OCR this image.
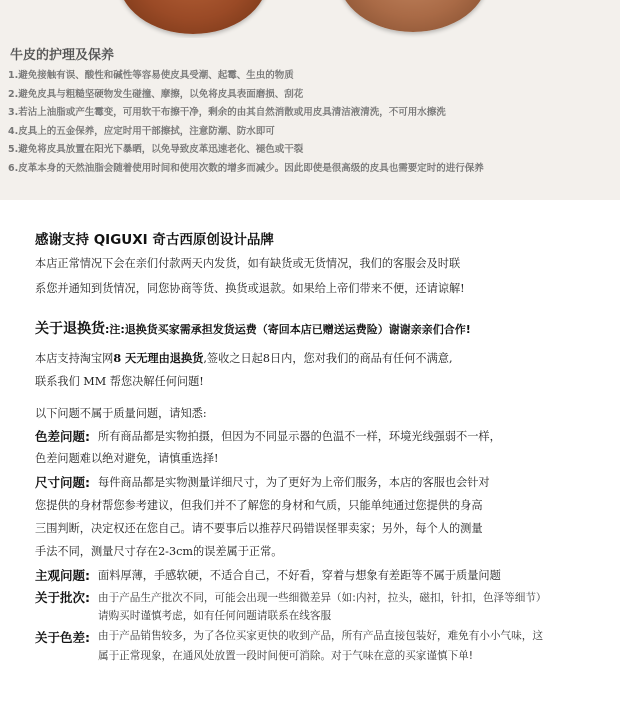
牛皮的护理及保养
1.避免接触有误、酸性和碱性等容易使皮具受潮、起霉、生虫的物质
2.避免皮具与粗糙坚硬物发生碰撞、摩擦，以免将皮具表面磨损、刮花
3.若沾上油脂或产生霉变，可用软干布擦干净，剩余的由其自然消散或用皮具清洁液清洗，不可用水擦洗
4.皮具上的五金保养，应定时用干部擦拭，注意防潮、防水即可
5.避免将皮具放置在阳光下暴晒，以免导致皮革迅速老化、褪色或干裂
6.皮革本身的天然油脂会随着使用时间和使用次数的增多而减少。因此即使是很高级的皮具也需要定时的进行保养
感谢支持 QIGUXI 奇古西原创设计品牌
本店正常情况下会在亲们付款两天内发货，如有缺货或无货情况，我们的客服会及时联
系您并通知到货情况，同您协商等货、换货或退款。如果给上帝们带来不便，还请谅解!
关于退换货:注:退换货买家需承担发货运费（寄回本店已赠送运费险）谢谢亲亲们合作!
本店支持淘宝网8 天无理由退换货,签收之日起8日内，您对我们的商品有任何不满意,
联系我们 MM 帮您决解任何问题!
以下问题不属于质量问题，请知悉:
色差问题: 所有商品都是实物拍摄，但因为不同显示器的色温不一样，环境光线强弱不一样，
色差问题难以绝对避免，请慎重选择!
尺寸问题: 每件商品都是实物测量详细尺寸，为了更好为上帝们服务，本店的客服也会针对
您提供的身材帮您参考建议，但我们并不了解您的身材和气质，只能单纯通过您提供的身高
三围判断，决定权还在您自己。请不要事后以推荐尺码错误怪罪卖家；另外，每个人的测量
手法不同，测量尺寸存在2-3cm的误差属于正常。
主观问题: 面料厚薄，手感软硬，不适合自己，不好看，穿着与想象有差距等不属于质量问题
关于批次: 由于产品生产批次不同，可能会出现一些细微差异（如:内衬，拉头，磁扣，针扣，色泽等细节）
请购买时谨慎考虑，如有任何问题请联系在线客服
关于色差: 由于产品销售较多，为了各位买家更快的收到产品，所有产品直接包装好，难免有小小气味，这
属于正常现象，在通风处放置一段时间便可消除。对于气味在意的买家谨慎下单!
